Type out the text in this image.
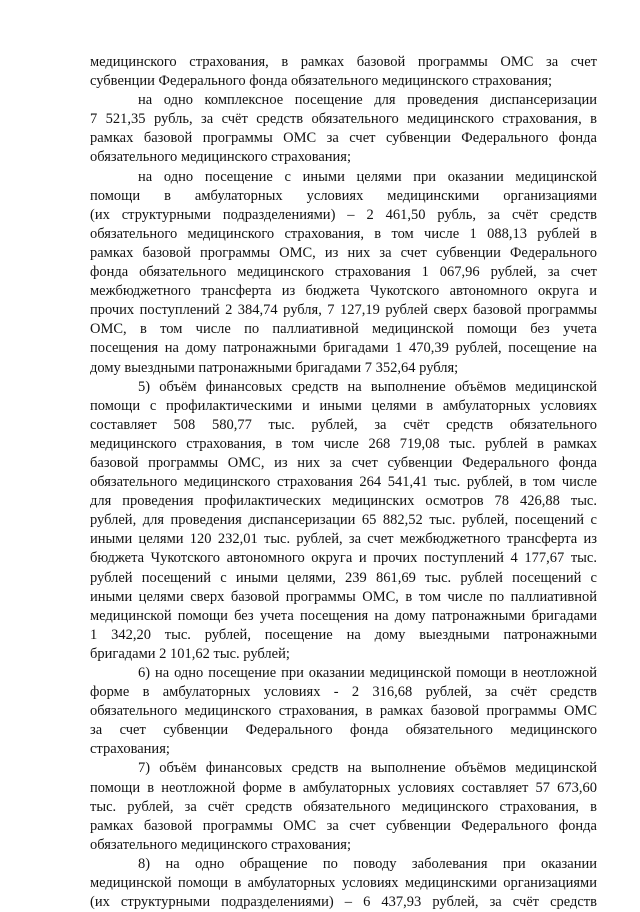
медицинского страхования, в рамках базовой программы ОМС за счет
субвенции Федерального фонда обязательного медицинского страхования;
на одно комплексное посещение для проведения диспансеризации
7 521,35 рубль, за счёт средств обязательного медицинского страхования, в
рамках базовой программы ОМС за счет субвенции Федерального фонда
обязательного медицинского страхования;
на одно посещение с иными целями при оказании медицинской
помощи в амбулаторных условиях медицинскими организациями
(их структурными подразделениями) – 2 461,50 рубль, за счёт средств
обязательного медицинского страхования, в том числе 1 088,13 рублей в
рамках базовой программы ОМС, из них за счет субвенции Федерального
фонда обязательного медицинского страхования 1 067,96 рублей, за счет
межбюджетного трансферта из бюджета Чукотского автономного округа и
прочих поступлений 2 384,74 рубля, 7 127,19 рублей сверх базовой программы
ОМС, в том числе по паллиативной медицинской помощи без учета
посещения на дому патронажными бригадами 1 470,39 рублей, посещение на
дому выездными патронажными бригадами 7 352,64 рубля;
5) объём финансовых средств на выполнение объёмов медицинской
помощи с профилактическими и иными целями в амбулаторных условиях
составляет 508 580,77 тыс. рублей, за счёт средств обязательного
медицинского страхования, в том числе 268 719,08 тыс. рублей в рамках
базовой программы ОМС, из них за счет субвенции Федерального фонда
обязательного медицинского страхования 264 541,41 тыс. рублей, в том числе
для проведения профилактических медицинских осмотров 78 426,88 тыс.
рублей, для проведения диспансеризации 65 882,52 тыс. рублей, посещений с
иными целями 120 232,01 тыс. рублей, за счет межбюджетного трансферта из
бюджета Чукотского автономного округа и прочих поступлений 4 177,67 тыс.
рублей посещений с иными целями, 239 861,69 тыс. рублей посещений с
иными целями сверх базовой программы ОМС, в том числе по паллиативной
медицинской помощи без учета посещения на дому патронажными бригадами
1 342,20 тыс. рублей, посещение на дому выездными патронажными
бригадами 2 101,62 тыс. рублей;
6) на одно посещение при оказании медицинской помощи в неотложной
форме в амбулаторных условиях - 2 316,68 рублей, за счёт средств
обязательного медицинского страхования, в рамках базовой программы ОМС
за счет субвенции Федерального фонда обязательного медицинского
страхования;
7) объём финансовых средств на выполнение объёмов медицинской
помощи в неотложной форме в амбулаторных условиях составляет 57 673,60
тыс. рублей, за счёт средств обязательного медицинского страхования, в
рамках базовой программы ОМС за счет субвенции Федерального фонда
обязательного медицинского страхования;
8) на одно обращение по поводу заболевания при оказании
медицинской помощи в амбулаторных условиях медицинскими организациями
(их структурными подразделениями) – 6 437,93 рублей, за счёт средств
